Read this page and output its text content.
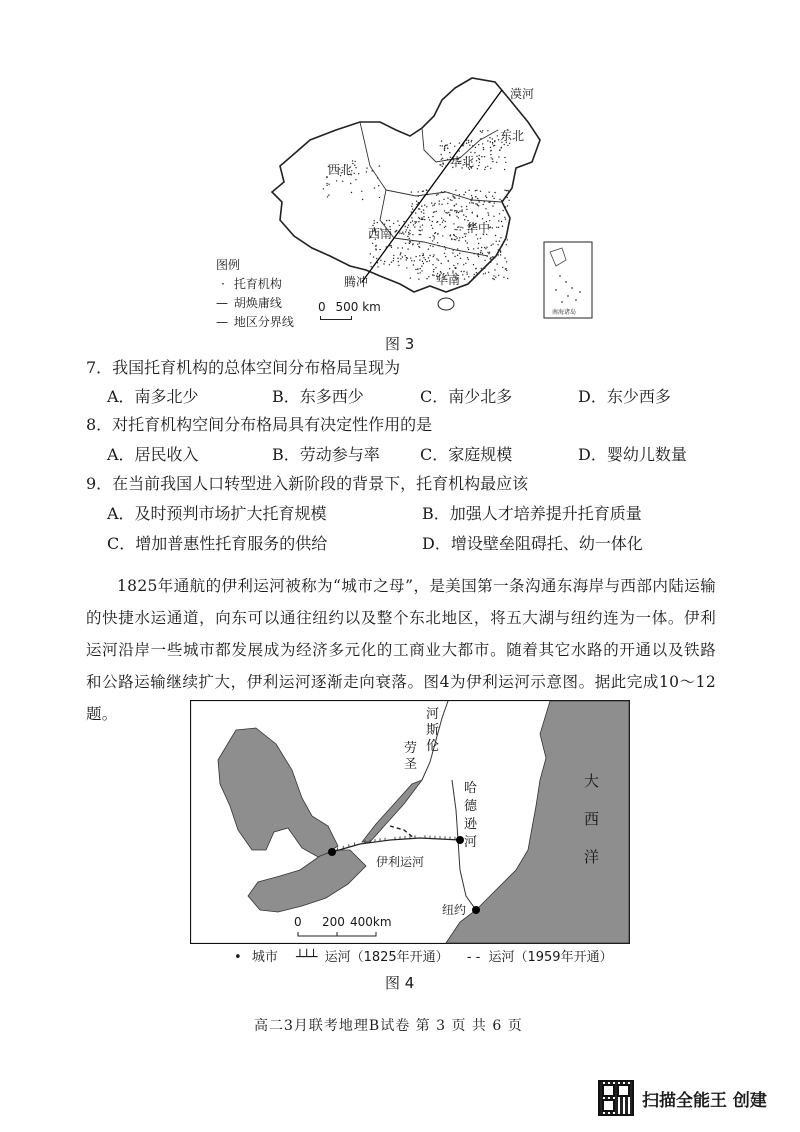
西北
华北
东北
西南	华中
华南
漠河
腾冲
南海诸岛
图例
· 托育机构
— 胡焕庸线
— 地区分界线
0 500 km
图 3
7．我国托育机构的总体空间分布格局呈现为
A．南多北少	B．东多西少	C．南少北多	D．东少西多
8．对托育机构空间分布格局具有决定性作用的是
A．居民收入	B．劳动参与率	C．家庭规模	D．婴幼儿数量
9．在当前我国人口转型进入新阶段的背景下，托育机构最应该
A．及时预判市场扩大托育规模	B．加强人才培养提升托育质量
C．增加普惠性托育服务的供给	D．增设壁垒阻碍托、幼一体化
1825年通航的伊利运河被称为“城市之母”，是美国第一条沟通东海岸与西部内陆运输的快捷水运通道，向东可以通往纽约以及整个东北地区，将五大湖与纽约连为一体。伊利运河沿岸一些城市都发展成为经济多元化的工商业大都市。随着其它水路的开通以及铁路和公路运输继续扩大，伊利运河逐渐走向衰落。图4为伊利运河示意图。据此完成10～12题。	河
斯
伦
劳
圣
哈
德
逊
河
大
西
洋
伊利运河
纽约
0 200 400km
• 城市 ┴┴┴ 运河（1825年开通） - - 运河（1959年开通）
图 4
高二3月联考地理B试卷 第 3 页 共 6 页
扫描全能王 创建
